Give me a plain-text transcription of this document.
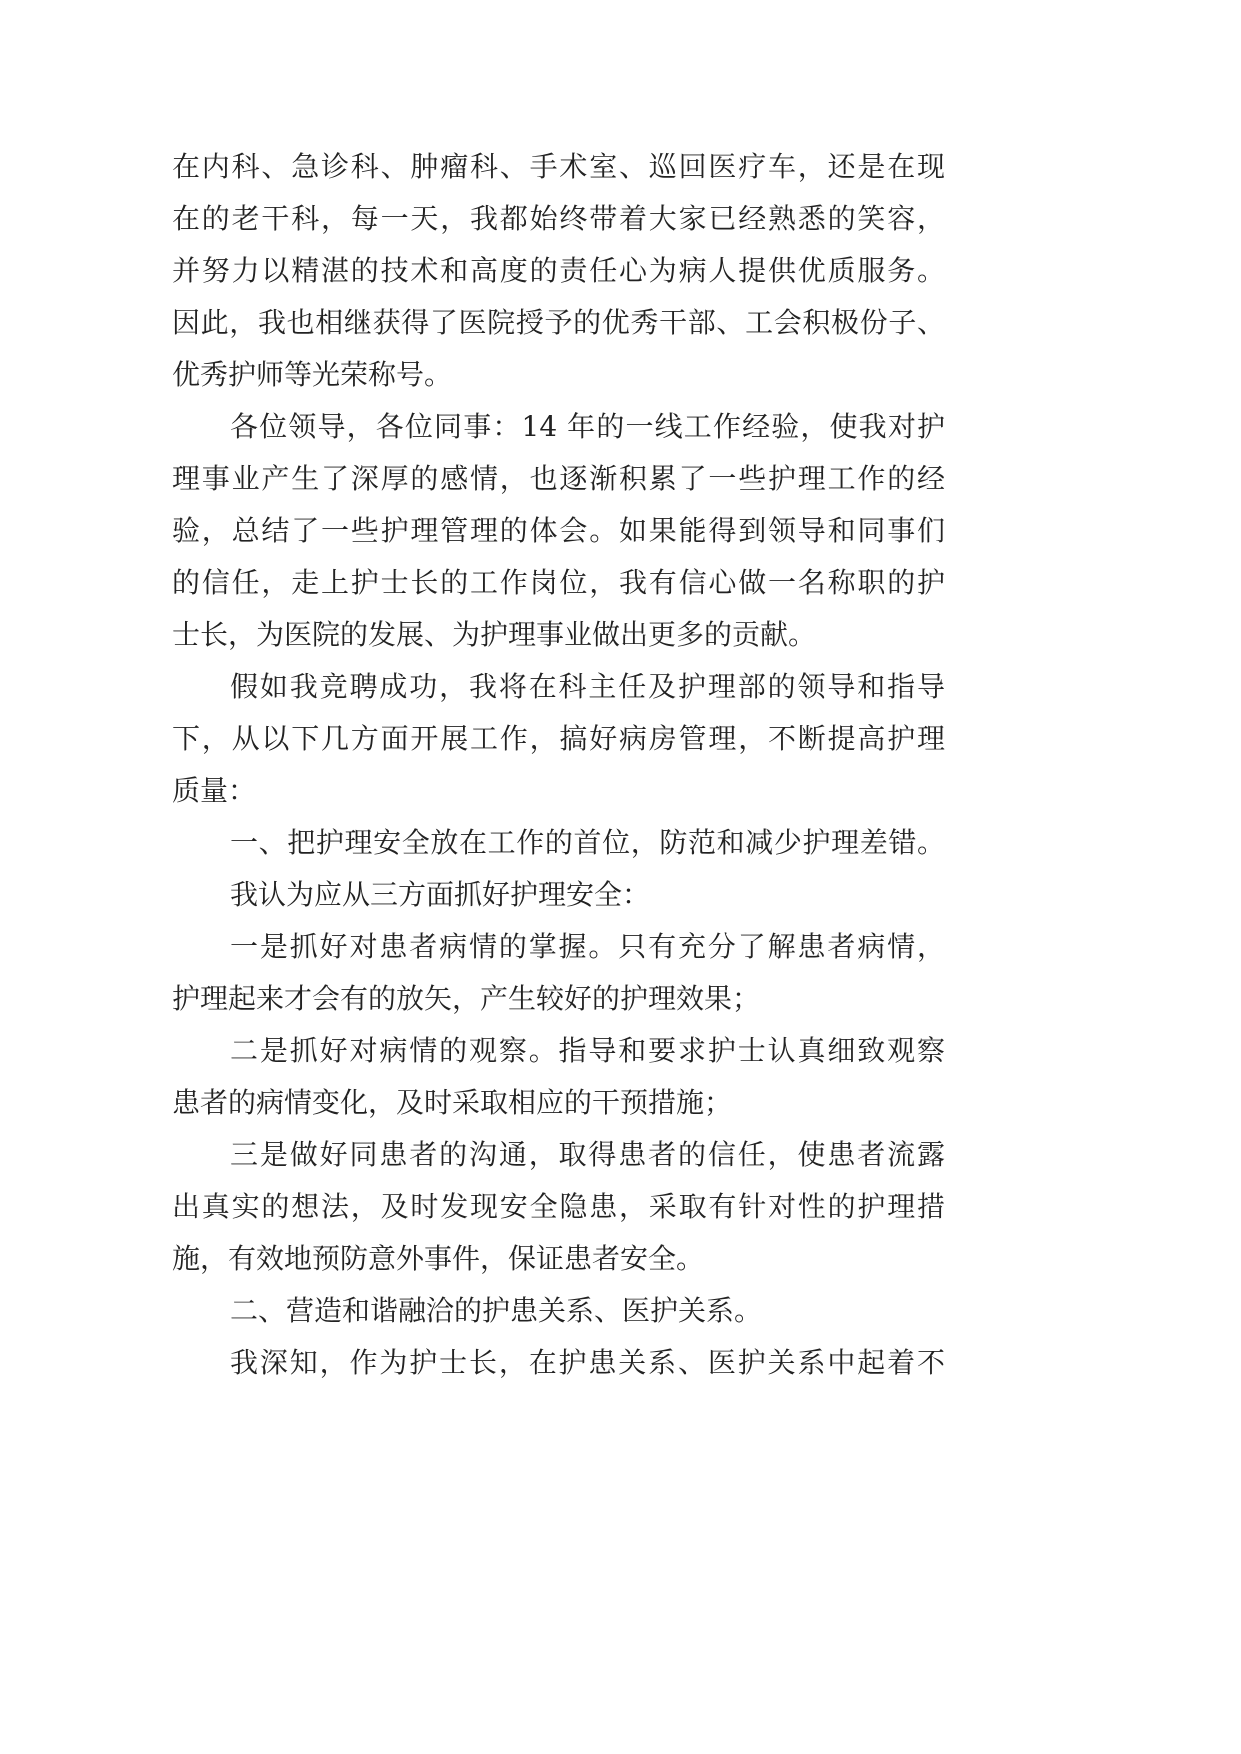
在内科、急诊科、肿瘤科、手术室、巡回医疗车，还是在现
在的老干科，每一天，我都始终带着大家已经熟悉的笑容，
并努力以精湛的技术和高度的责任心为病人提供优质服务。
因此，我也相继获得了医院授予的优秀干部、工会积极份子、
优秀护师等光荣称号。
各位领导，各位同事：14 年的一线工作经验，使我对护
理事业产生了深厚的感情，也逐渐积累了一些护理工作的经
验，总结了一些护理管理的体会。如果能得到领导和同事们
的信任，走上护士长的工作岗位，我有信心做一名称职的护
士长，为医院的发展、为护理事业做出更多的贡献。
假如我竞聘成功，我将在科主任及护理部的领导和指导
下，从以下几方面开展工作，搞好病房管理，不断提高护理
质量：
一、把护理安全放在工作的首位，防范和减少护理差错。
我认为应从三方面抓好护理安全：
一是抓好对患者病情的掌握。只有充分了解患者病情，
护理起来才会有的放矢，产生较好的护理效果；
二是抓好对病情的观察。指导和要求护士认真细致观察
患者的病情变化，及时采取相应的干预措施；
三是做好同患者的沟通，取得患者的信任，使患者流露
出真实的想法，及时发现安全隐患，采取有针对性的护理措
施，有效地预防意外事件，保证患者安全。
二、营造和谐融洽的护患关系、医护关系。
我深知，作为护士长，在护患关系、医护关系中起着不
